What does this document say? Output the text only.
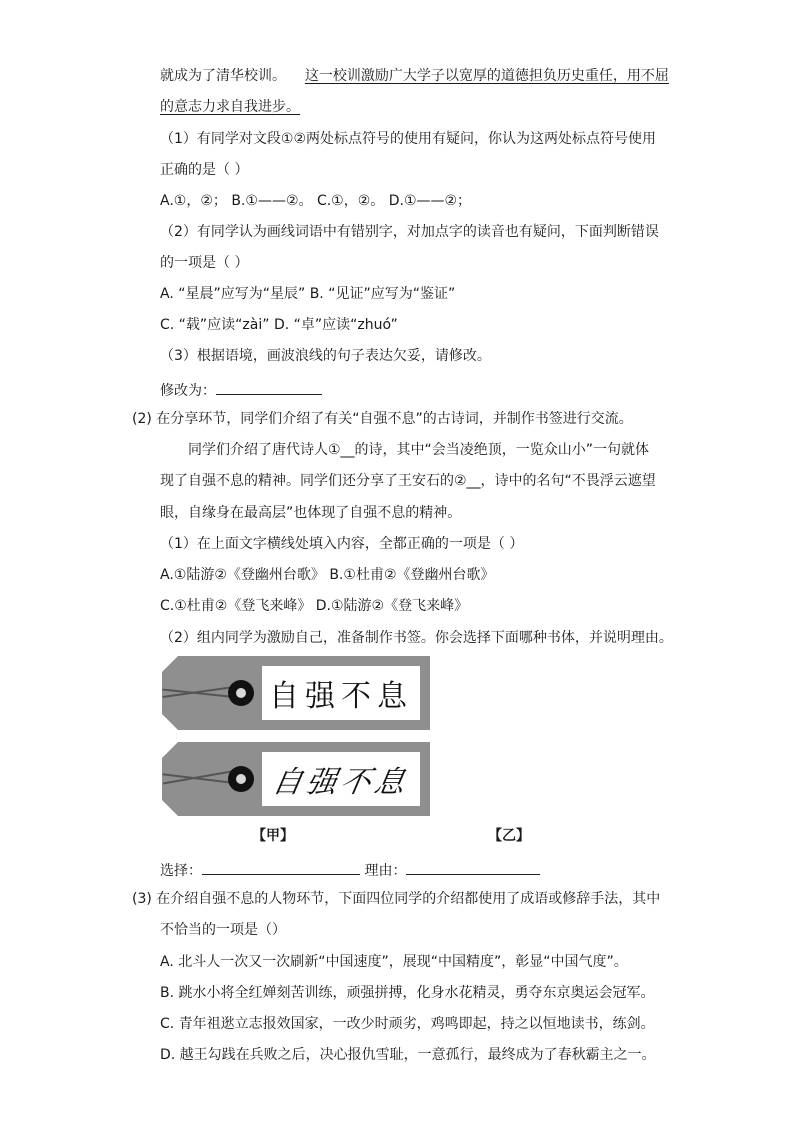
就成为了清华校训。 这一校训激励广大学子以宽厚的道德担负历史重任，用不屈
的意志力求自我进步。
（1）有同学对文段①②两处标点符号的使用有疑问，你认为这两处标点符号使用
正确的是（ ）
A.①，②； B.①——②。 C.①，②。 D.①——②；
（2）有同学认为画线词语中有错别字，对加点字的读音也有疑问，下面判断错误
的一项是（ ）
A. “星晨”应写为“星辰” B. “见证”应写为“鉴证”
C. “载”应读“zài” D. “卓”应读“zhuó”
（3）根据语境，画波浪线的句子表达欠妥，请修改。
修改为：
(2) 在分享环节，同学们介绍了有关“自强不息”的古诗词，并制作书签进行交流。
同学们介绍了唐代诗人①__的诗，其中“会当凌绝顶，一览众山小”一句就体
现了自强不息的精神。同学们还分享了王安石的②__，诗中的名句“不畏浮云遮望
眼，自缘身在最高层”也体现了自强不息的精神。
（1）在上面文字横线处填入内容，全都正确的一项是（ ）
A.①陆游②《登幽州台歌》 B.①杜甫②《登幽州台歌》
C.①杜甫②《登飞来峰》 D.①陆游②《登飞来峰》
（2）组内同学为激励自己，准备制作书签。你会选择下面哪种书体，并说明理由。
自强不息
自强不息
【甲】	【乙】
选择：	理由：
(3) 在介绍自强不息的人物环节，下面四位同学的介绍都使用了成语或修辞手法，其中
不恰当的一项是（）
A. 北斗人一次又一次刷新“中国速度”，展现“中国精度”，彰显“中国气度”。
B. 跳水小将全红婵刻苦训练，顽强拼搏，化身水花精灵，勇夺东京奥运会冠军。
C. 青年祖逖立志报效国家，一改少时顽劣，鸡鸣即起，持之以恒地读书，练剑。
D. 越王勾践在兵败之后，决心报仇雪耻，一意孤行，最终成为了春秋霸主之一。
